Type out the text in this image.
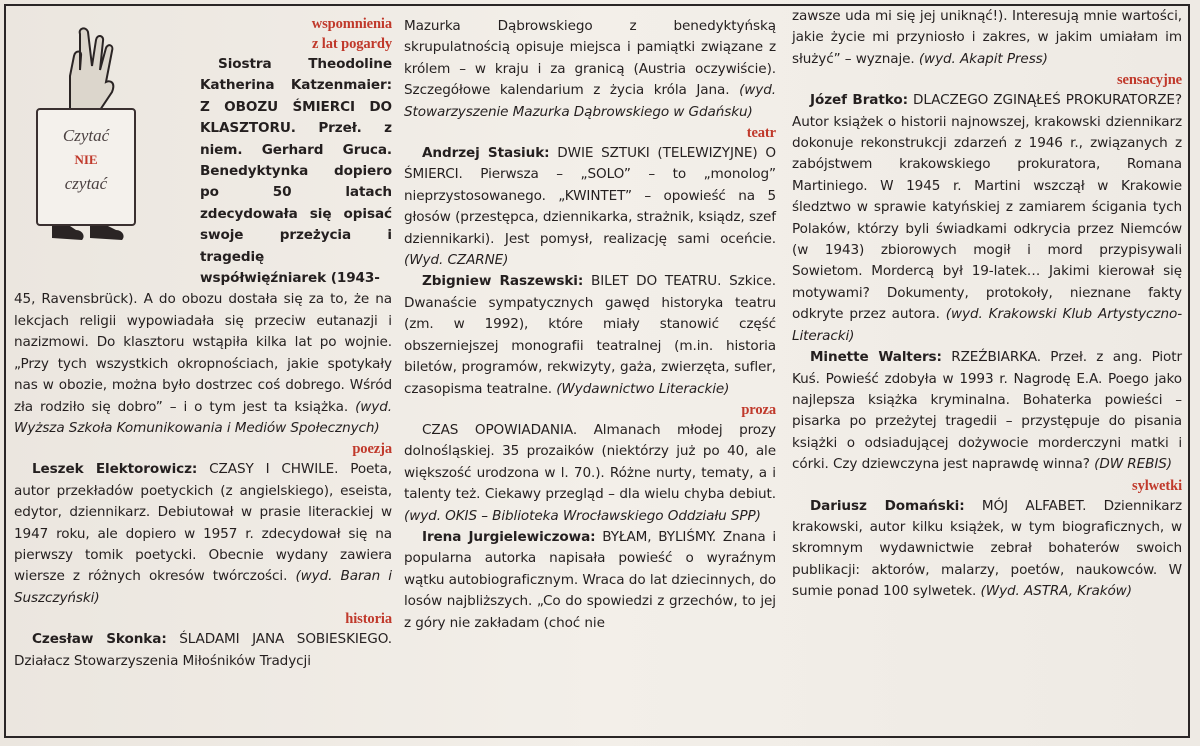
Czytać
NIE
czytać

wspomnienia

z lat pogardy

Siostra Theodoline Katherina Katzenmaier: Z OBOZU ŚMIERCI DO KLASZTORU. Przeł. z niem. Gerhard Gruca. Benedyktynka dopiero po 50 latach zdecydowała się opisać swoje przeżycia i tragedię współwięźniarek (1943-

45, Ravensbrück). A do obozu dostała się za to, że na lekcjach religii wypowiadała się przeciw eutanazji i nazizmowi. Do klasztoru wstąpiła kilka lat po wojnie. „Przy tych wszystkich okropnościach, jakie spotykały nas w obozie, można było dostrzec coś dobrego. Wśród zła rodziło się dobro” – i o tym jest ta książka. (wyd. Wyższa Szkoła Komunikowania i Mediów Społecznych)

poezja

Leszek Elektorowicz: CZASY I CHWILE. Poeta, autor przekładów poetyckich (z angielskiego), eseista, edytor, dziennikarz. Debiutował w prasie literackiej w 1947 roku, ale dopiero w 1957 r. zdecydował się na pierwszy tomik poetycki. Obecnie wydany zawiera wiersze z różnych okresów twórczości. (wyd. Baran i Suszczyński)

historia

Czesław Skonka: ŚLADAMI JANA SOBIESKIEGO. Działacz Stowarzyszenia Miłośników Tradycji

Mazurka Dąbrowskiego z benedyktyńską skrupulatnością opisuje miejsca i pamiątki związane z królem – w kraju i za granicą (Austria oczywiście). Szczegółowe kalendarium z życia króla Jana. (wyd. Stowarzyszenie Mazurka Dąbrowskiego w Gdańsku)

teatr

Andrzej Stasiuk: DWIE SZTUKI (TELEWIZYJNE) O ŚMIERCI. Pierwsza – „SOLO” – to „monolog” nieprzystosowanego. „KWINTET” – opowieść na 5 głosów (przestępca, dziennikarka, strażnik, ksiądz, szef dziennikarki). Jest pomysł, realizację sami oceńcie. (Wyd. CZARNE)

Zbigniew Raszewski: BILET DO TEATRU. Szkice. Dwanaście sympatycznych gawęd historyka teatru (zm. w 1992), które miały stanowić część obszerniejszej monografii teatralnej (m.in. historia biletów, programów, rekwizyty, gaża, zwierzęta, sufler, czasopisma teatralne. (Wydawnictwo Literackie)

proza

CZAS OPOWIADANIA. Almanach młodej prozy dolnośląskiej. 35 prozaików (niektórzy już po 40, ale większość urodzona w l. 70.). Różne nurty, tematy, a i talenty też. Ciekawy przegląd – dla wielu chyba debiut. (wyd. OKIS – Biblioteka Wrocławskiego Oddziału SPP)

Irena Jurgielewiczowa: BYŁAM, BYLIŚMY. Znana i popularna autorka napisała powieść o wyraźnym wątku autobiograficznym. Wraca do lat dziecinnych, do losów najbliższych. „Co do spowiedzi z grzechów, to jej z góry nie zakładam (choć nie

zawsze uda mi się jej uniknąć!). Interesują mnie wartości, jakie życie mi przyniosło i zakres, w jakim umiałam im służyć” – wyznaje. (wyd. Akapit Press)

sensacyjne

Józef Bratko: DLACZEGO ZGINĄŁEŚ PROKURATORZE? Autor książek o historii najnowszej, krakowski dziennikarz dokonuje rekonstrukcji zdarzeń z 1946 r., związanych z zabójstwem krakowskiego prokuratora, Romana Martiniego. W 1945 r. Martini wszczął w Krakowie śledztwo w sprawie katyńskiej z zamiarem ścigania tych Polaków, którzy byli świadkami odkrycia przez Niemców (w 1943) zbiorowych mogił i mord przypisywali Sowietom. Mordercą był 19-latek… Jakimi kierował się motywami? Dokumenty, protokoły, nieznane fakty odkryte przez autora. (wyd. Krakowski Klub Artystyczno-Literacki)

Minette Walters: RZEŹBIARKA. Przeł. z ang. Piotr Kuś. Powieść zdobyła w 1993 r. Nagrodę E.A. Poego jako najlepsza książka kryminalna. Bohaterka powieści – pisarka po przeżytej tragedii – przystępuje do pisania książki o odsiadującej dożywocie morderczyni matki i córki. Czy dziewczyna jest naprawdę winna? (DW REBIS)

sylwetki

Dariusz Domański: MÓJ ALFABET. Dziennikarz krakowski, autor kilku książek, w tym biograficznych, w skromnym wydawnictwie zebrał bohaterów swoich publikacji: aktorów, malarzy, poetów, naukowców. W sumie ponad 100 sylwetek. (Wyd. ASTRA, Kraków)
